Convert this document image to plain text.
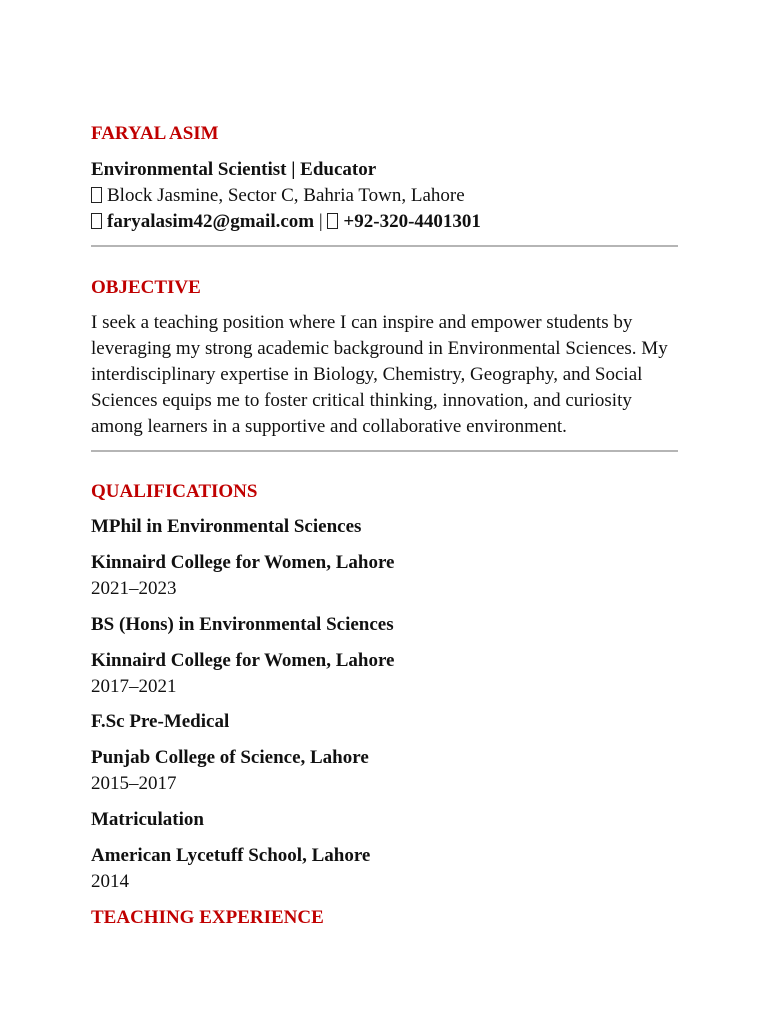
FARYAL ASIM
Environmental Scientist | Educator
Block Jasmine, Sector C, Bahria Town, Lahore
faryalasim42@gmail.com | +92-320-4401301
OBJECTIVE
I seek a teaching position where I can inspire and empower students by leveraging my strong academic background in Environmental Sciences. My interdisciplinary expertise in Biology, Chemistry, Geography, and Social Sciences equips me to foster critical thinking, innovation, and curiosity among learners in a supportive and collaborative environment.
QUALIFICATIONS
MPhil in Environmental Sciences
Kinnaird College for Women, Lahore
2021–2023
BS (Hons) in Environmental Sciences
Kinnaird College for Women, Lahore
2017–2021
F.Sc Pre-Medical
Punjab College of Science, Lahore
2015–2017
Matriculation
American Lycetuff School, Lahore
2014
TEACHING EXPERIENCE
